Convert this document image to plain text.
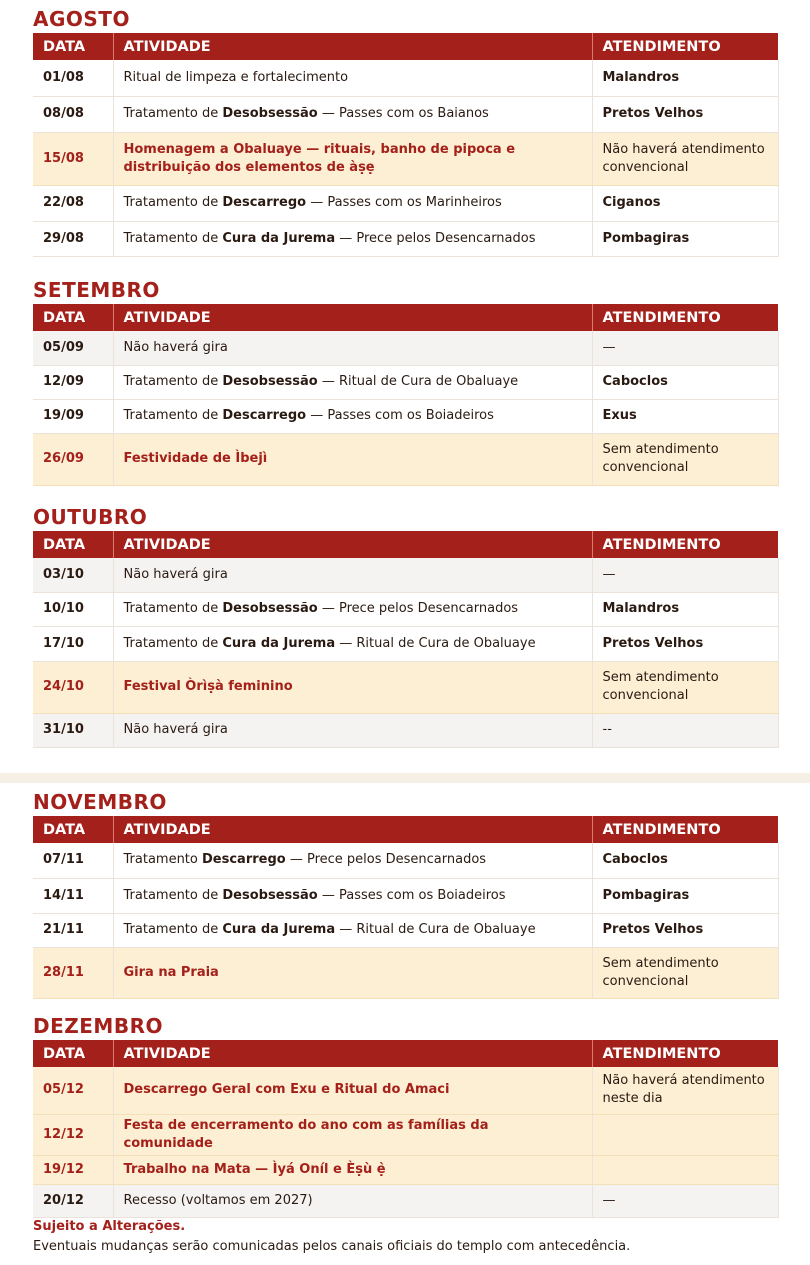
AGOSTO
DATA	ATIVIDADE	ATENDIMENTO
01/08	Ritual de limpeza e fortalecimento	Malandros
08/08	Tratamento de Desobsessão — Passes com os Baianos	Pretos Velhos
15/08	Homenagem a Obaluaye — rituais, banho de pipoca e distribuição dos elementos de àṣẹ	Não haverá atendimento convencional
22/08	Tratamento de Descarrego — Passes com os Marinheiros	Ciganos
29/08	Tratamento de Cura da Jurema — Prece pelos Desencarnados	Pombagiras
SETEMBRO
DATA	ATIVIDADE	ATENDIMENTO
05/09	Não haverá gira	—
12/09	Tratamento de Desobsessão — Ritual de Cura de Obaluaye	Caboclos
19/09	Tratamento de Descarrego — Passes com os Boiadeiros	Exus
26/09	Festividade de Ìbejì	Sem atendimento convencional
OUTUBRO
DATA	ATIVIDADE	ATENDIMENTO
03/10	Não haverá gira	—
10/10	Tratamento de Desobsessão — Prece pelos Desencarnados	Malandros
17/10	Tratamento de Cura da Jurema — Ritual de Cura de Obaluaye	Pretos Velhos
24/10	Festival Òrìṣà feminino	Sem atendimento convencional
31/10	Não haverá gira	--
NOVEMBRO
DATA	ATIVIDADE	ATENDIMENTO
07/11	Tratamento Descarrego — Prece pelos Desencarnados	Caboclos
14/11	Tratamento de Desobsessão — Passes com os Boiadeiros	Pombagiras
21/11	Tratamento de Cura da Jurema — Ritual de Cura de Obaluaye	Pretos Velhos
28/11	Gira na Praia	Sem atendimento convencional
DEZEMBRO
DATA	ATIVIDADE	ATENDIMENTO
05/12	Descarrego Geral com Exu e Ritual do Amaci	Não haverá atendimento neste dia
12/12	Festa de encerramento do ano com as famílias da comunidade	
19/12	Trabalho na Mata — Ìyá Oníl e Èṣù ẹ̀	
20/12	Recesso (voltamos em 2027)	—
Sujeito a Alterações.
Eventuais mudanças serão comunicadas pelos canais oficiais do templo com antecedência.
